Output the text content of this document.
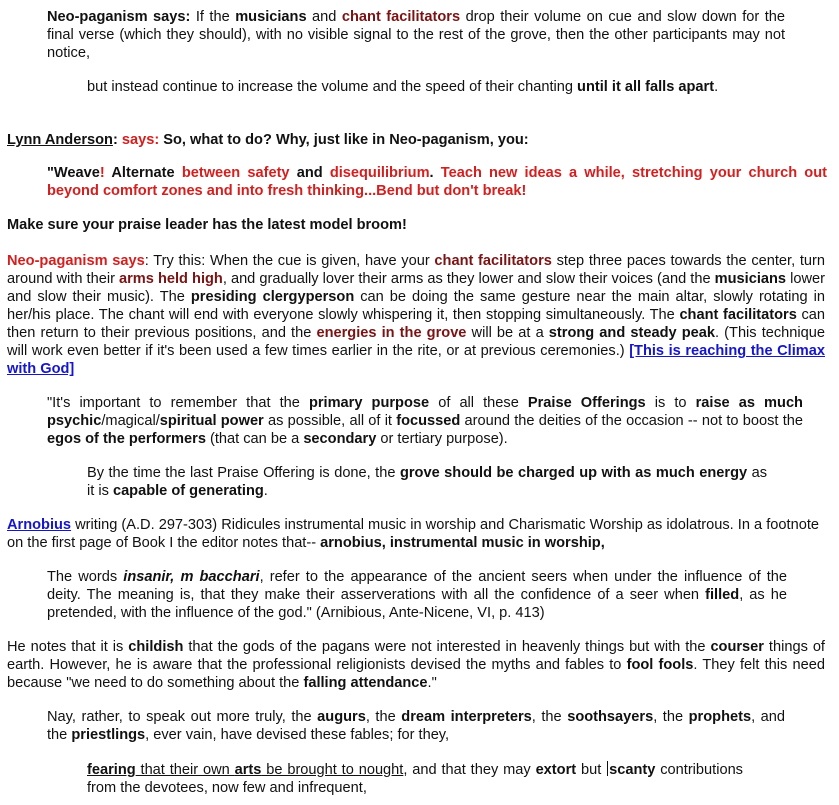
Neo-paganism says: If the musicians and chant facilitators drop their volume on cue and slow down for the final verse (which they should), with no visible signal to the rest of the grove, then the other participants may not notice,

but instead continue to increase the volume and the speed of their chanting until it all falls apart.

Lynn Anderson: says: So, what to do? Why, just like in Neo-paganism, you:

"Weave! Alternate between safety and disequilibrium. Teach new ideas a while, stretching your church out beyond comfort zones and into fresh thinking...Bend but don't break!

Make sure your praise leader has the latest model broom!

Neo-paganism says: Try this: When the cue is given, have your chant facilitators step three paces towards the center, turn around with their arms held high, and gradually lover their arms as they lower and slow their voices (and the musicians lower and slow their music). The presiding clergyperson can be doing the same gesture near the main altar, slowly rotating in her/his place. The chant will end with everyone slowly whispering it, then stopping simultaneously. The chant facilitators can then return to their previous positions, and the energies in the grove will be at a strong and steady peak. (This technique will work even better if it's been used a few times earlier in the rite, or at previous ceremonies.) [This is reaching the Climax with God]

"It's important to remember that the primary purpose of all these Praise Offerings is to raise as much psychic/magical/spiritual power as possible, all of it focussed around the deities of the occasion -- not to boost the egos of the performers (that can be a secondary or tertiary purpose).

By the time the last Praise Offering is done, the grove should be charged up with as much energy as it is capable of generating.

Arnobius writing (A.D. 297-303) Ridicules instrumental music in worship and Charismatic Worship as idolatrous. In a footnote on the first page of Book I the editor notes that-- arnobius, instrumental music in worship,

The words insanir, m bacchari, refer to the appearance of the ancient seers when under the influence of the deity. The meaning is, that they make their asserverations with all the confidence of a seer when filled, as he pretended, with the influence of the god." (Arnibious, Ante-Nicene, VI, p. 413)

He notes that it is childish that the gods of the pagans were not interested in heavenly things but with the courser things of earth. However, he is aware that the professional religionists devised the myths and fables to fool fools. They felt this need because "we need to do something about the falling attendance."

Nay, rather, to speak out more truly, the augurs, the dream interpreters, the soothsayers, the prophets, and the priestlings, ever vain, have devised these fables; for they,

fearing that their own arts be brought to nought, and that they may extort but scanty contributions from the devotees, now few and infrequent,
